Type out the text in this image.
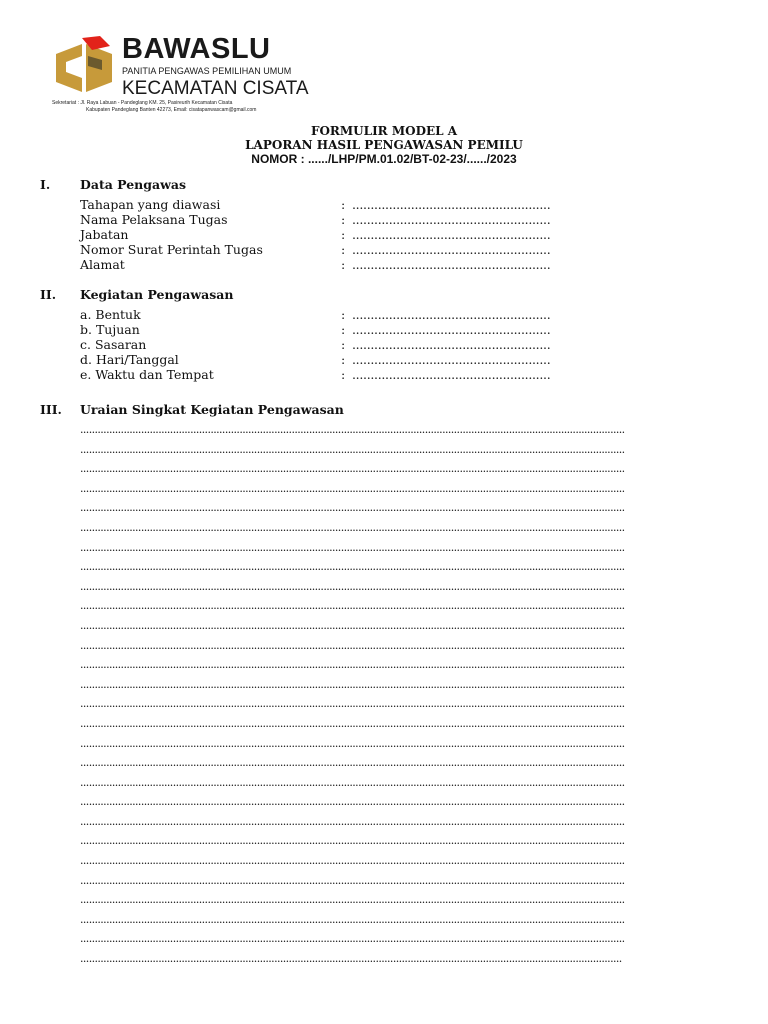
BAWASLU
PANITIA PENGAWAS PEMILIHAN UMUM
KECAMATAN CISATA
Sekretariat : Jl. Raya Labuan - Pandeglang KM. 25, Pasireurih Kecamatan Cisata
Kabupaten Pandeglang Banten 42273, Email: cisatapanwascam@gmail.com
FORMULIR MODEL A
LAPORAN HASIL PENGAWASAN PEMILU
NOMOR : ....../LHP/PM.01.02/BT-02-23/....../2023
I.	Data Pengawas
Tahapan yang diawasi	: ......................................................
Nama Pelaksana Tugas	: ......................................................
Jabatan	: ......................................................
Nomor Surat Perintah Tugas	: ......................................................
Alamat	: ......................................................
II.	Kegiatan Pengawasan
a. Bentuk	: ......................................................
b. Tujuan	: ......................................................
c. Sasaran	: ......................................................
d. Hari/Tanggal	: ......................................................
e. Waktu dan Tempat	: ......................................................
III.	Uraian Singkat Kegiatan Pengawasan
............................................................................................................................................................................................
............................................................................................................................................................................................
............................................................................................................................................................................................
............................................................................................................................................................................................
............................................................................................................................................................................................
............................................................................................................................................................................................
............................................................................................................................................................................................
............................................................................................................................................................................................
............................................................................................................................................................................................
............................................................................................................................................................................................
............................................................................................................................................................................................
............................................................................................................................................................................................
............................................................................................................................................................................................
............................................................................................................................................................................................
............................................................................................................................................................................................
............................................................................................................................................................................................
............................................................................................................................................................................................
............................................................................................................................................................................................
............................................................................................................................................................................................
............................................................................................................................................................................................
............................................................................................................................................................................................
............................................................................................................................................................................................
............................................................................................................................................................................................
............................................................................................................................................................................................
............................................................................................................................................................................................
............................................................................................................................................................................................
............................................................................................................................................................................................
...........................................................................................................................................................................................
